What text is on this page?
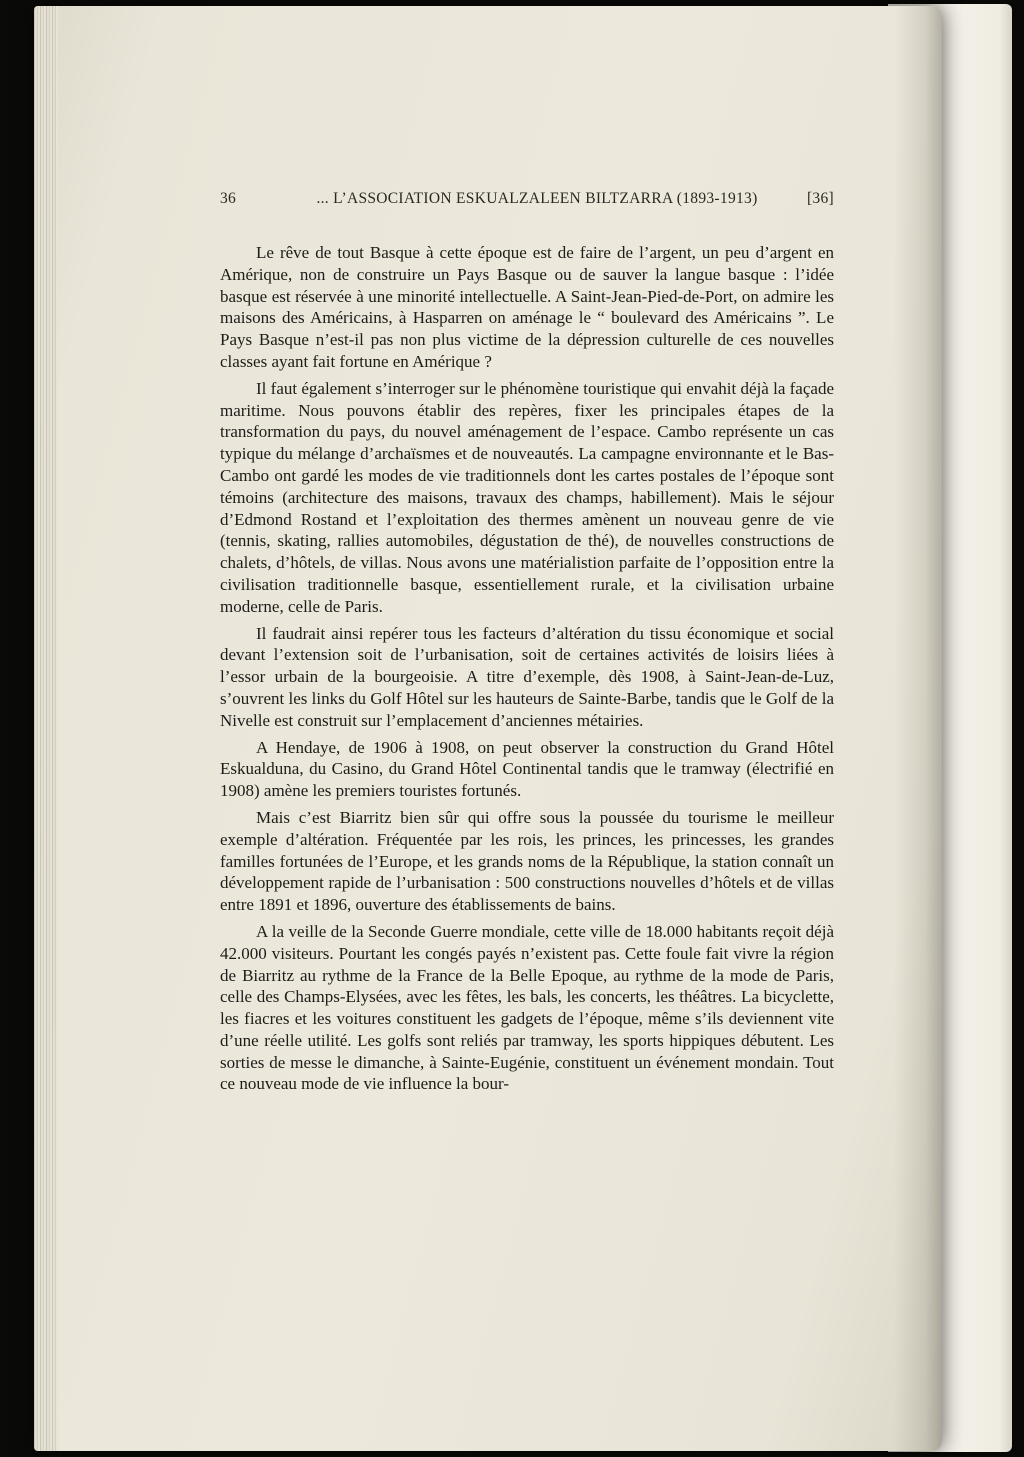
36	... L’ASSOCIATION ESKUALZALEEN BILTZARRA (1893-1913)	[36]

Le rêve de tout Basque à cette époque est de faire de l’argent, un peu d’argent en Amérique, non de construire un Pays Basque ou de sauver la langue basque : l’idée basque est réservée à une minorité intellectuelle. A Saint-Jean-Pied-de-Port, on admire les maisons des Américains, à Hasparren on aménage le “ boulevard des Américains ”. Le Pays Basque n’est-il pas non plus victime de la dépression culturelle de ces nouvelles classes ayant fait fortune en Amérique ?

Il faut également s’interroger sur le phénomène touristique qui envahit déjà la façade maritime. Nous pouvons établir des repères, fixer les principales étapes de la transformation du pays, du nouvel aménagement de l’espace. Cambo représente un cas typique du mélange d’archaïsmes et de nouveautés. La campagne environnante et le Bas-Cambo ont gardé les modes de vie traditionnels dont les cartes postales de l’époque sont témoins (architecture des maisons, travaux des champs, habillement). Mais le séjour d’Edmond Rostand et l’exploitation des thermes amènent un nouveau genre de vie (tennis, skating, rallies automobiles, dégustation de thé), de nouvelles constructions de chalets, d’hôtels, de villas. Nous avons une matérialistion parfaite de l’opposition entre la civilisation traditionnelle basque, essentiellement rurale, et la civilisation urbaine moderne, celle de Paris.

Il faudrait ainsi repérer tous les facteurs d’altération du tissu économique et social devant l’extension soit de l’urbanisation, soit de certaines activités de loisirs liées à l’essor urbain de la bourgeoisie. A titre d’exemple, dès 1908, à Saint-Jean-de-Luz, s’ouvrent les links du Golf Hôtel sur les hauteurs de Sainte-Barbe, tandis que le Golf de la Nivelle est construit sur l’emplacement d’anciennes métairies.

A Hendaye, de 1906 à 1908, on peut observer la construction du Grand Hôtel Eskualduna, du Casino, du Grand Hôtel Continental tandis que le tramway (électrifié en 1908) amène les premiers touristes fortunés.

Mais c’est Biarritz bien sûr qui offre sous la poussée du tourisme le meilleur exemple d’altération. Fréquentée par les rois, les princes, les princesses, les grandes familles fortunées de l’Europe, et les grands noms de la République, la station connaît un développement rapide de l’urbanisation : 500 constructions nouvelles d’hôtels et de villas entre 1891 et 1896, ouverture des établissements de bains.

A la veille de la Seconde Guerre mondiale, cette ville de 18.000 habitants reçoit déjà 42.000 visiteurs. Pourtant les congés payés n’existent pas. Cette foule fait vivre la région de Biarritz au rythme de la France de la Belle Epoque, au rythme de la mode de Paris, celle des Champs-Elysées, avec les fêtes, les bals, les concerts, les théâtres. La bicyclette, les fiacres et les voitures constituent les gadgets de l’époque, même s’ils deviennent vite d’une réelle utilité. Les golfs sont reliés par tramway, les sports hippiques débutent. Les sorties de messe le dimanche, à Sainte-Eugénie, constituent un événement mondain. Tout ce nouveau mode de vie influence la bour-
